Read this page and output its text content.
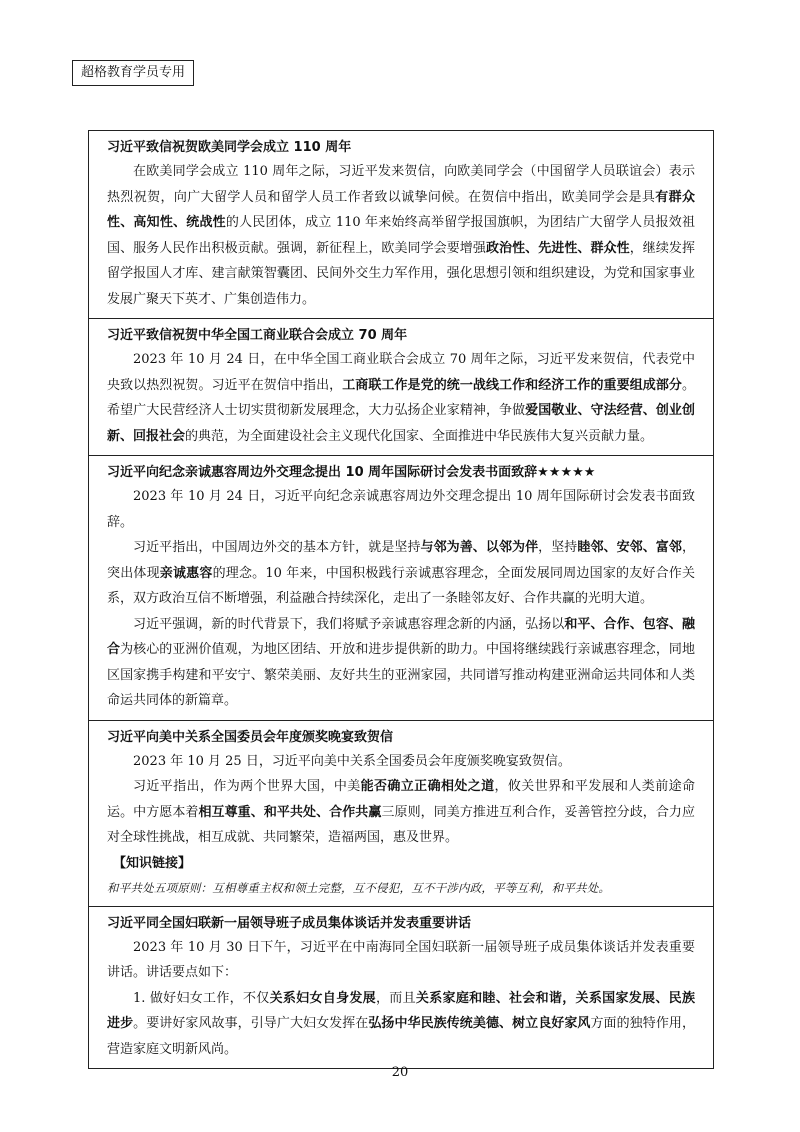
超格教育学员专用
习近平致信祝贺欧美同学会成立 110 周年

在欧美同学会成立 110 周年之际，习近平发来贺信，向欧美同学会（中国留学人员联谊会）表示热烈祝贺，向广大留学人员和留学人员工作者致以诚挚问候。在贺信中指出，欧美同学会是具有群众性、高知性、统战性的人民团体，成立 110 年来始终高举留学报国旗帜，为团结广大留学人员报效祖国、服务人民作出积极贡献。强调，新征程上，欧美同学会要增强政治性、先进性、群众性，继续发挥留学报国人才库、建言献策智囊团、民间外交生力军作用，强化思想引领和组织建设，为党和国家事业发展广聚天下英才、广集创造伟力。

习近平致信祝贺中华全国工商业联合会成立 70 周年

2023 年 10 月 24 日，在中华全国工商业联合会成立 70 周年之际，习近平发来贺信，代表党中央致以热烈祝贺。习近平在贺信中指出，工商联工作是党的统一战线工作和经济工作的重要组成部分。希望广大民营经济人士切实贯彻新发展理念，大力弘扬企业家精神，争做爱国敬业、守法经营、创业创新、回报社会的典范，为全面建设社会主义现代化国家、全面推进中华民族伟大复兴贡献力量。

习近平向纪念亲诚惠容周边外交理念提出 10 周年国际研讨会发表书面致辞★★★★★

2023 年 10 月 24 日，习近平向纪念亲诚惠容周边外交理念提出 10 周年国际研讨会发表书面致辞。

习近平指出，中国周边外交的基本方针，就是坚持与邻为善、以邻为伴，坚持睦邻、安邻、富邻，突出体现亲诚惠容的理念。10 年来，中国积极践行亲诚惠容理念，全面发展同周边国家的友好合作关系，双方政治互信不断增强，利益融合持续深化，走出了一条睦邻友好、合作共赢的光明大道。

习近平强调，新的时代背景下，我们将赋予亲诚惠容理念新的内涵，弘扬以和平、合作、包容、融合为核心的亚洲价值观，为地区团结、开放和进步提供新的助力。中国将继续践行亲诚惠容理念，同地区国家携手构建和平安宁、繁荣美丽、友好共生的亚洲家园，共同谱写推动构建亚洲命运共同体和人类命运共同体的新篇章。

习近平向美中关系全国委员会年度颁奖晚宴致贺信

2023 年 10 月 25 日，习近平向美中关系全国委员会年度颁奖晚宴致贺信。

习近平指出，作为两个世界大国，中美能否确立正确相处之道，攸关世界和平发展和人类前途命运。中方愿本着相互尊重、和平共处、合作共赢三原则，同美方推进互利合作，妥善管控分歧，合力应对全球性挑战，相互成就、共同繁荣，造福两国，惠及世界。

【知识链接】

和平共处五项原则：互相尊重主权和领土完整，互不侵犯，互不干涉内政，平等互利，和平共处。

习近平同全国妇联新一届领导班子成员集体谈话并发表重要讲话

2023 年 10 月 30 日下午，习近平在中南海同全国妇联新一届领导班子成员集体谈话并发表重要讲话。讲话要点如下：

1. 做好妇女工作，不仅关系妇女自身发展，而且关系家庭和睦、社会和谐，关系国家发展、民族进步。要讲好家风故事，引导广大妇女发挥在弘扬中华民族传统美德、树立良好家风方面的独特作用，营造家庭文明新风尚。

20
